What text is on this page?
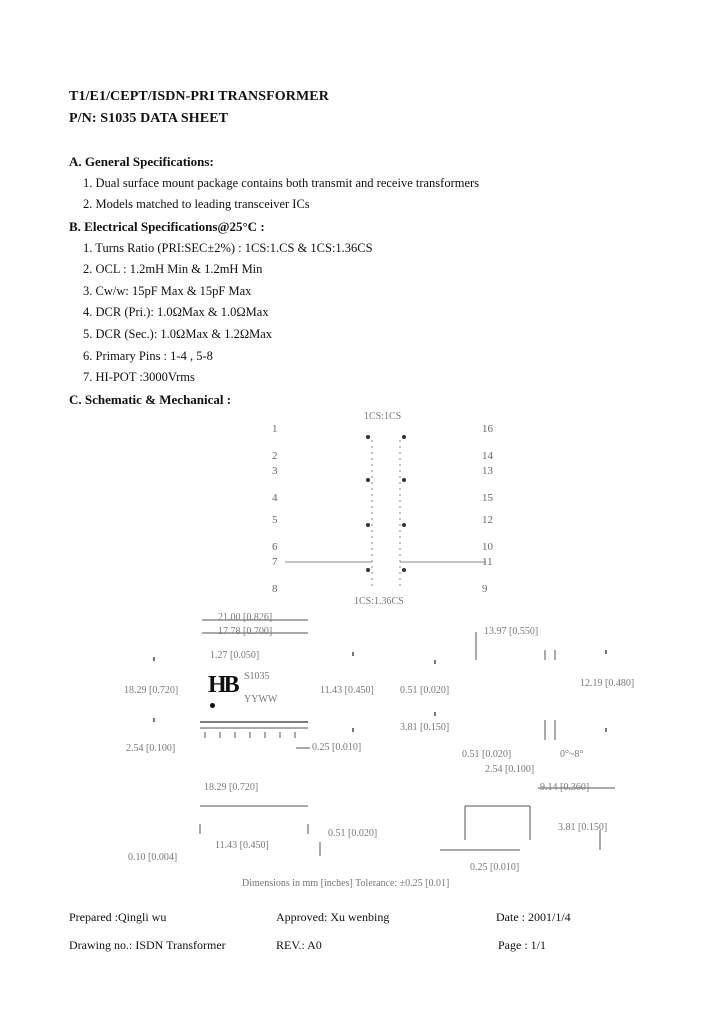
T1/E1/CEPT/ISDN-PRI TRANSFORMER
P/N: S1035 DATA SHEET
A. General Specifications:
1. Dual surface mount package contains both transmit and receive transformers
2. Models matched to leading transceiver ICs
B. Electrical Specifications@25°C :
1. Turns Ratio (PRI:SEC±2%) : 1CS:1.CS & 1CS:1.36CS
2. OCL : 1.2mH Min & 1.2mH Min
3. Cw/w: 15pF Max & 15pF Max
4. DCR (Pri.): 1.0ΩMax & 1.0ΩMax
5. DCR (Sec.): 1.0ΩMax & 1.2ΩMax
6. Primary Pins : 1-4 , 5-8
7. HI-POT :3000Vrms
C. Schematic & Mechanical :
1CS:1CS
1CS:1.36CS
1
2
3
4
5
6
7
8
16
14
13
15
12
10
11
9
HB S1035
YYWW
21.00 [0.826]
17.78 [0.700]
1.27 [0.050]
18.29 [0.720]	11.43 [0.450]	0.51 [0.020]
2.54 [0.100]	0.25 [0.010]
3.81 [0.150]
13.97 [0.550]
12.19 [0.480]
0.51 [0.020]
2.54 [0.100]
0°~8°
9.14 [0.360]
3.81 [0.150]
18.29 [0.720]
11.43 [0.450]
0.51 [0.020]
0.10 [0.004]
0.25 [0.010]
Dimensions in mm [inches] Tolerance: ±0.25 [0.01]
Prepared :Qingli wu	Approved: Xu wenbing	Date : 2001/1/4
Drawing no.: ISDN Transformer	REV.: A0	Page : 1/1
